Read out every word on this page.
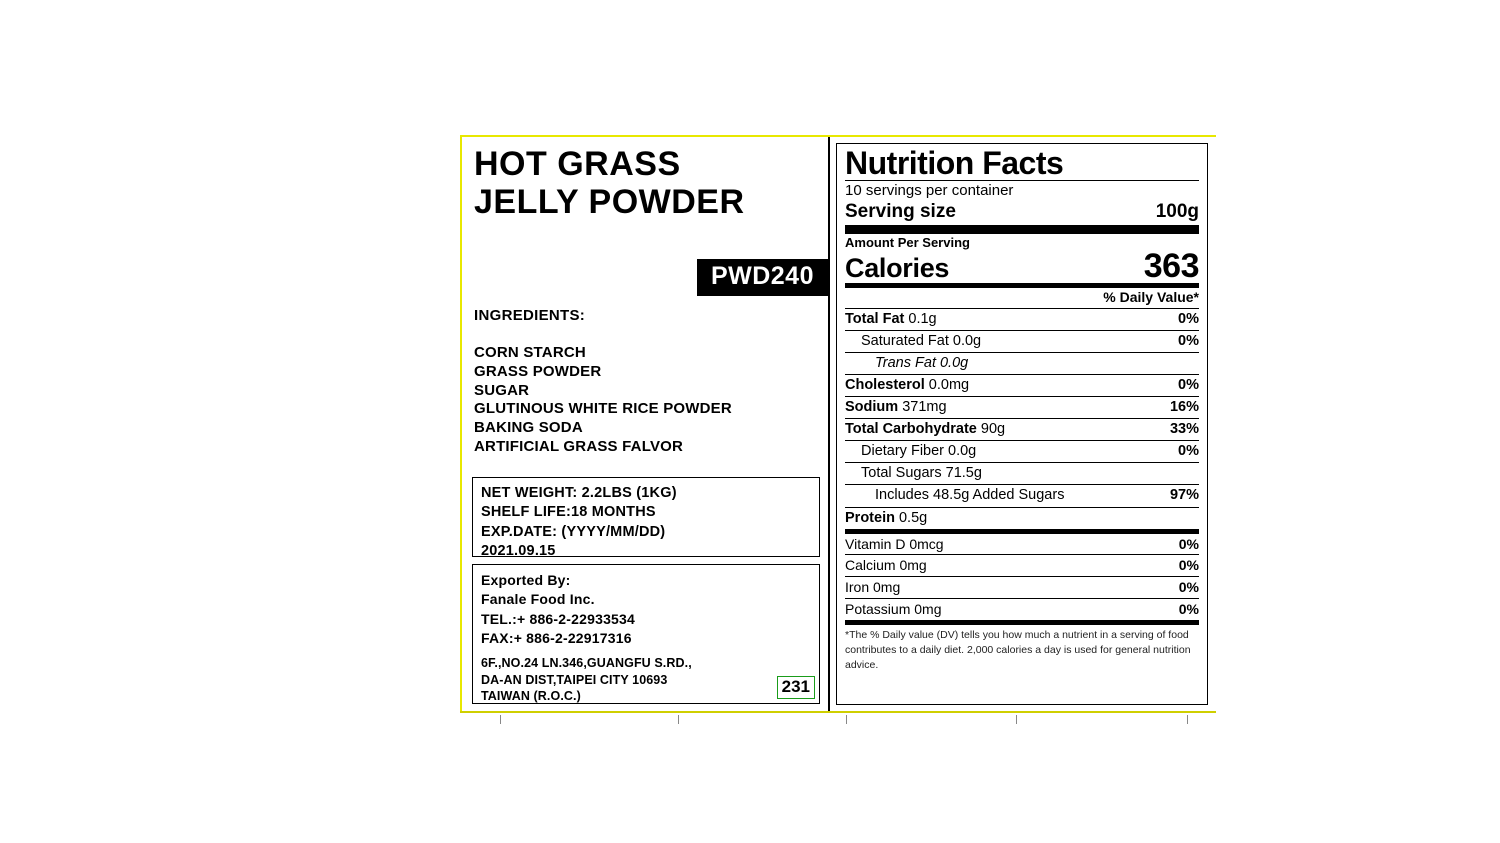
HOT GRASS
JELLY POWDER
PWD240
INGREDIENTS:
CORN STARCH
GRASS POWDER
SUGAR
GLUTINOUS WHITE RICE POWDER
BAKING SODA
ARTIFICIAL GRASS FALVOR
NET WEIGHT: 2.2LBS (1KG)
SHELF LIFE:18 MONTHS
EXP.DATE: (YYYY/MM/DD)
2021.09.15
Exported By:
Fanale Food Inc.
TEL.:+ 886-2-22933534
FAX:+ 886-2-22917316
6F.,NO.24 LN.346,GUANGFU S.RD.,
DA-AN DIST,TAIPEI CITY 10693
TAIWAN (R.O.C.)	231
Nutrition Facts
10 servings per container
Serving size	100g
Amount Per Serving
Calories	363
% Daily Value*
Total Fat 0.1g	0%
Saturated Fat 0.0g	0%
Trans Fat 0.0g
Cholesterol 0.0mg	0%
Sodium 371mg	16%
Total Carbohydrate 90g	33%
Dietary Fiber 0.0g	0%
Total Sugars 71.5g
Includes 48.5g Added Sugars	97%
Protein 0.5g
Vitamin D 0mcg	0%
Calcium 0mg	0%
Iron 0mg	0%
Potassium 0mg	0%
*The % Daily value (DV) tells you how much a nutrient in a serving of food contributes to a daily diet. 2,000 calories a day is used for general nutrition advice.
